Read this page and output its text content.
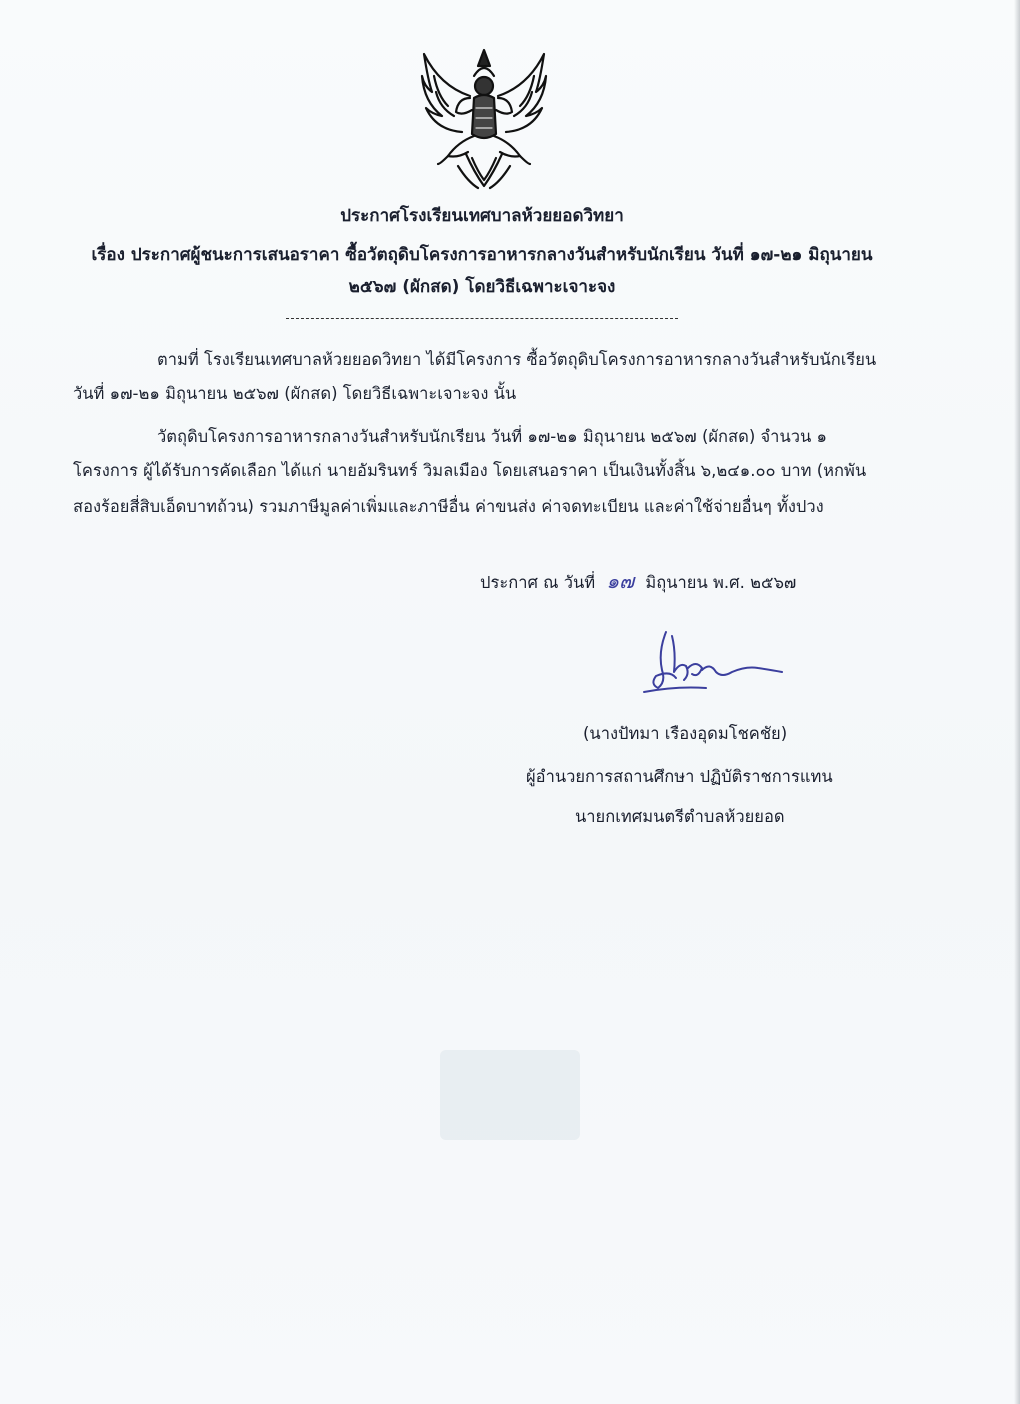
ประกาศโรงเรียนเทศบาลห้วยยอดวิทยา
เรื่อง ประกาศผู้ชนะการเสนอราคา ซื้อวัตถุดิบโครงการอาหารกลางวันสำหรับนักเรียน วันที่ ๑๗-๒๑ มิถุนายน
๒๕๖๗ (ผักสด) โดยวิธีเฉพาะเจาะจง
ตามที่ โรงเรียนเทศบาลห้วยยอดวิทยา ได้มีโครงการ ซื้อวัตถุดิบโครงการอาหารกลางวันสำหรับนักเรียน
วันที่ ๑๗-๒๑ มิถุนายน ๒๕๖๗ (ผักสด) โดยวิธีเฉพาะเจาะจง นั้น
วัตถุดิบโครงการอาหารกลางวันสำหรับนักเรียน วันที่ ๑๗-๒๑ มิถุนายน ๒๕๖๗ (ผักสด) จำนวน ๑
โครงการ ผู้ได้รับการคัดเลือก ได้แก่ นายอัมรินทร์ วิมลเมือง โดยเสนอราคา เป็นเงินทั้งสิ้น ๖,๒๔๑.๐๐ บาท (หกพัน
สองร้อยสี่สิบเอ็ดบาทถ้วน) รวมภาษีมูลค่าเพิ่มและภาษีอื่น ค่าขนส่ง ค่าจดทะเบียน และค่าใช้จ่ายอื่นๆ ทั้งปวง
ประกาศ ณ วันที่ ๑๗ มิถุนายน พ.ศ. ๒๕๖๗
(นางปัทมา เรืองอุดมโชคชัย)
ผู้อำนวยการสถานศึกษา ปฏิบัติราชการแทน
นายกเทศมนตรีตำบลห้วยยอด
